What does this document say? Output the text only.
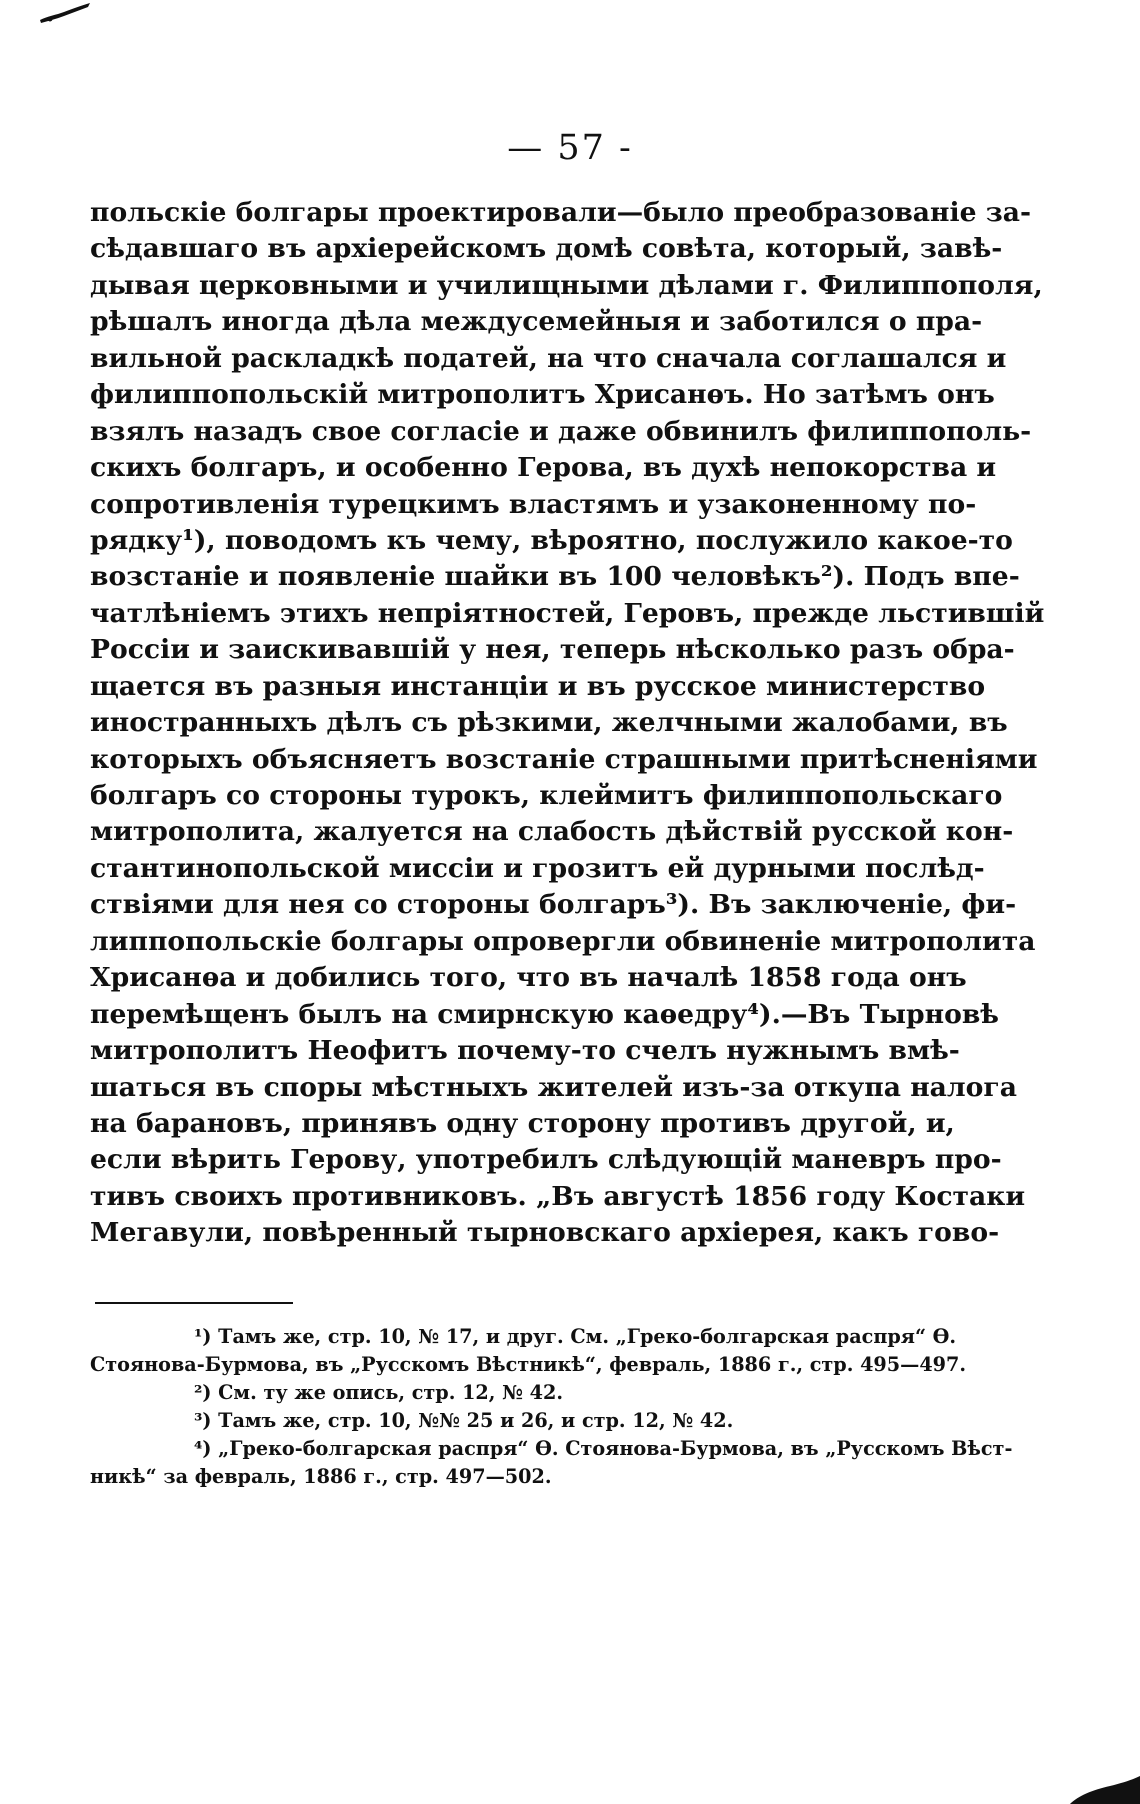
— 57 -
польскіе болгары проектировали—было преобразованіе за-
сѣдавшаго въ архіерейскомъ домѣ совѣта, который, завѣ-
дывая церковными и училищными дѣлами г. Филиппополя,
рѣшалъ иногда дѣла междусемейныя и заботился о пра-
вильной раскладкѣ податей, на что сначала соглашался и
филиппопольскій митрополитъ Хрисанѳъ. Но затѣмъ онъ
взялъ назадъ свое согласіе и даже обвинилъ филиппополь-
скихъ болгаръ, и особенно Герова, въ духѣ непокорства и
сопротивленія турецкимъ властямъ и узаконенному по-
рядку¹), поводомъ къ чему, вѣроятно, послужило какое-то
возстаніе и появленіе шайки въ 100 человѣкъ²). Подъ впе-
чатлѣніемъ этихъ непріятностей, Геровъ, прежде льстившій
Россіи и заискивавшій у нея, теперь нѣсколько разъ обра-
щается въ разныя инстанціи и въ русское министерство
иностранныхъ дѣлъ съ рѣзкими, желчными жалобами, въ
которыхъ объясняетъ возстаніе страшными притѣсненіями
болгаръ со стороны турокъ, клеймитъ филиппопольскаго
митрополита, жалуется на слабость дѣйствій русской кон-
стантинопольской миссіи и грозитъ ей дурными послѣд-
ствіями для нея со стороны болгаръ³). Въ заключеніе, фи-
липпопольскіе болгары опровергли обвиненіе митрополита
Хрисанѳа и добились того, что въ началѣ 1858 года онъ
перемѣщенъ былъ на смирнскую каѳедру⁴).—Въ Тырновѣ
митрополитъ Неофитъ почему-то счелъ нужнымъ вмѣ-
шаться въ споры мѣстныхъ жителей изъ-за откупа налога
на барановъ, принявъ одну сторону противъ другой, и,
если вѣрить Герову, употребилъ слѣдующій маневръ про-
тивъ своихъ противниковъ. „Въ августѣ 1856 году Костаки
Мегавули, повѣренный тырновскаго архіерея, какъ гово-
¹) Тамъ же, стр. 10, № 17, и друг. См. „Греко-болгарская распря“ Ѳ.
Стоянова-Бурмова, въ „Русскомъ Вѣстникѣ“, февраль, 1886 г., стр. 495—497.
²) См. ту же опись, стр. 12, № 42.
³) Тамъ же, стр. 10, №№ 25 и 26, и стр. 12, № 42.
⁴) „Греко-болгарская распря“ Ѳ. Стоянова-Бурмова, въ „Русскомъ Вѣст-
никѣ“ за февраль, 1886 г., стр. 497—502.
